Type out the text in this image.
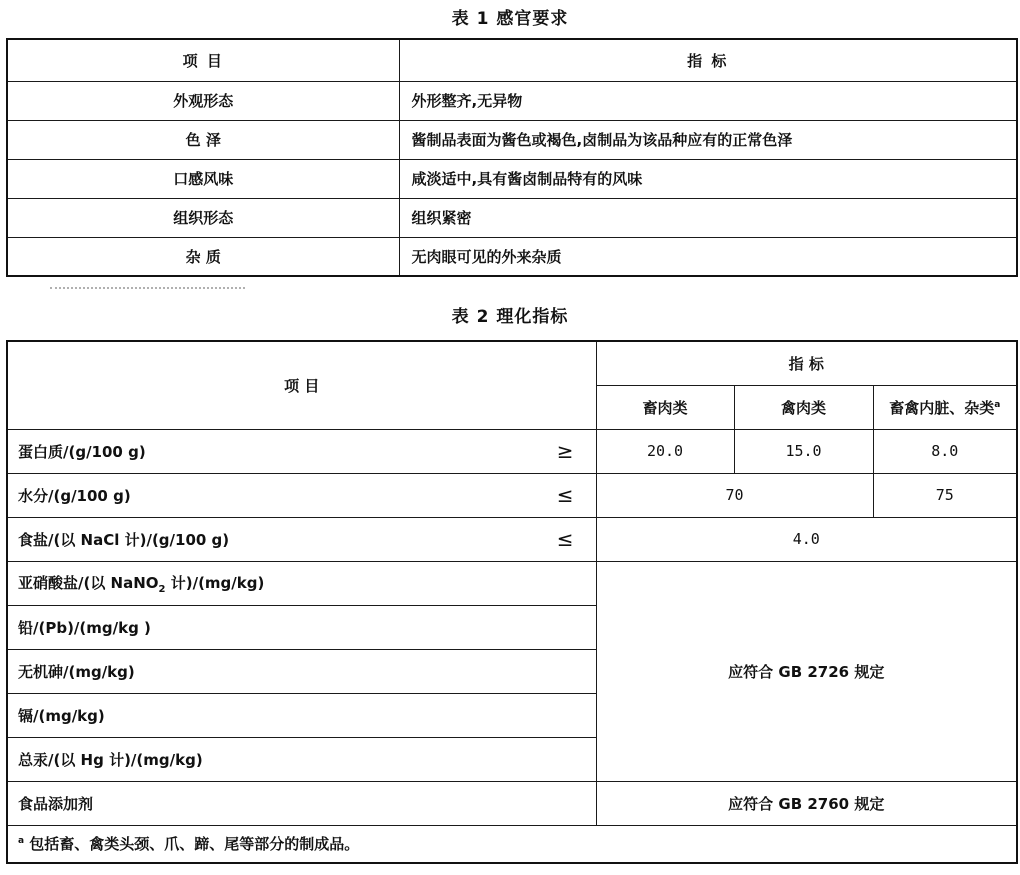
表 1 感官要求
项 目	指 标
外观形态	外形整齐,无异物
色 泽	酱制品表面为酱色或褐色,卤制品为该品种应有的正常色泽
口感风味	咸淡适中,具有酱卤制品特有的风味
组织形态	组织紧密
杂 质	无肉眼可见的外来杂质
表 2 理化指标
项 目	指 标		
	畜肉类	禽肉类	畜禽内脏、杂类$^a$
蛋白质/(g/100 g) ≥	20.0	15.0	8.0
水分/(g/100 g) ≤	70		75
食盐/(以 NaCl 计)/(g/100 g) ≤	4.0		
亚硝酸盐/(以 NaNO$_2$ 计)/(mg/kg)	应符合 GB 2726 规定		
铅/(Pb)/(mg/kg )			
无机砷/(mg/kg)			
镉/(mg/kg)			
总汞/(以 Hg 计)/(mg/kg)			
食品添加剂	应符合 GB 2760 规定		
$^a$ 包括畜、禽类头颈、爪、蹄、尾等部分的制成品。			
